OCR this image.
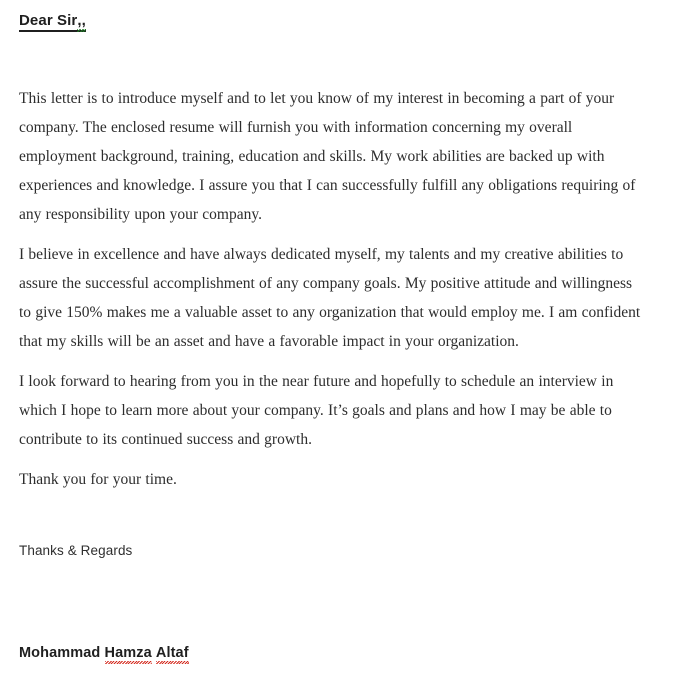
Dear Sir,,

This letter is to introduce myself and to let you know of my interest in becoming a part of your company. The enclosed resume will furnish you with information concerning my overall employment background, training, education and skills. My work abilities are backed up with experiences and knowledge. I assure you that I can successfully fulfill any obligations requiring of any responsibility upon your company.

I believe in excellence and have always dedicated myself, my talents and my creative abilities to assure the successful accomplishment of any company goals. My positive attitude and willingness to give 150% makes me a valuable asset to any organization that would employ me. I am confident that my skills will be an asset and have a favorable impact in your organization.

I look forward to hearing from you in the near future and hopefully to schedule an interview in which I hope to learn more about your company. It’s goals and plans and how I may be able to contribute to its continued success and growth.

Thank you for your time.

Thanks & Regards
Mohammad Hamza Altaf
